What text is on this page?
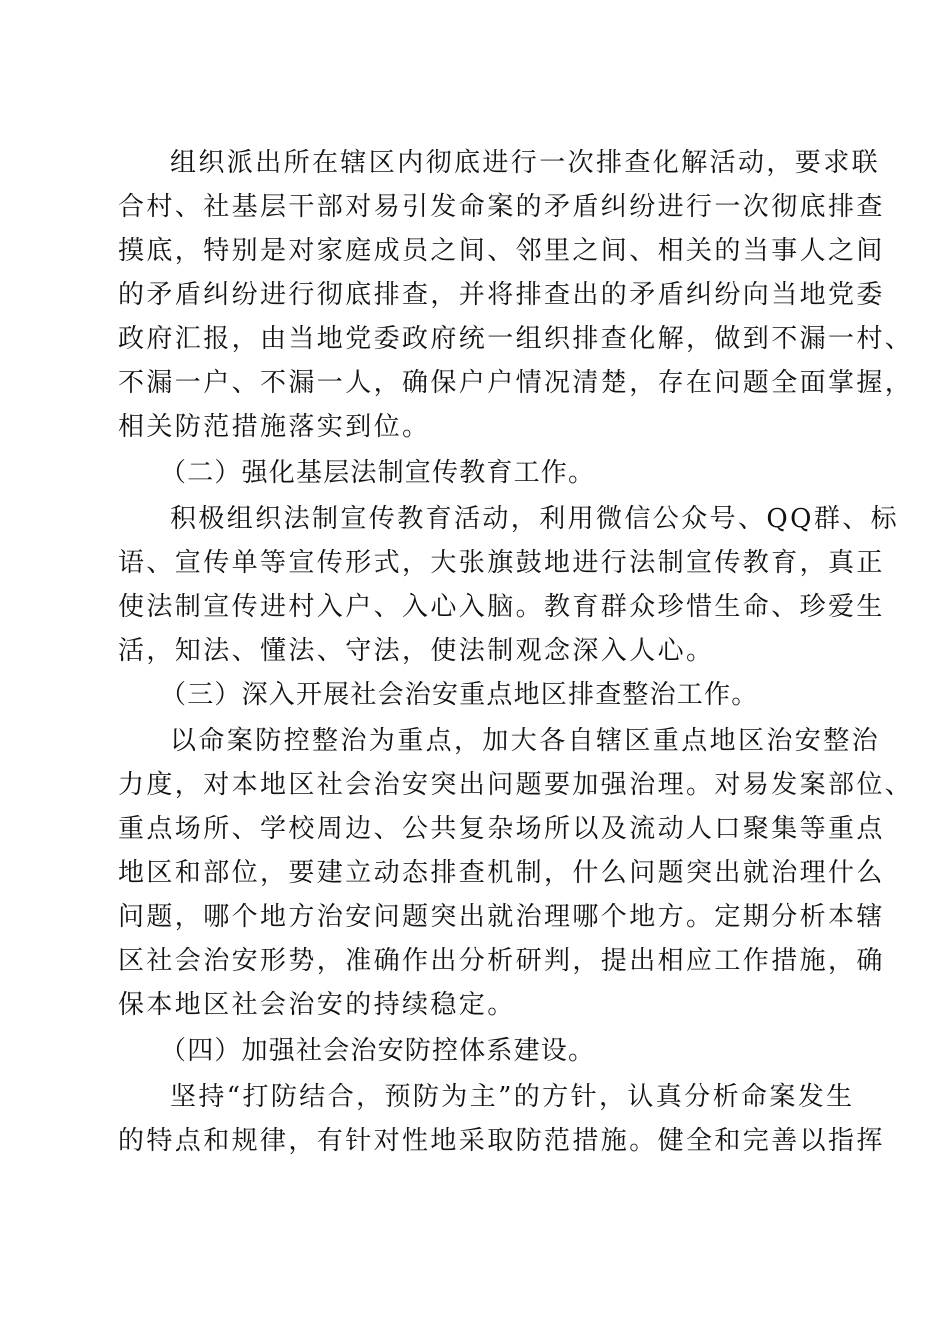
组织派出所在辖区内彻底进行一次排查化解活动，要求联
合村、社基层干部对易引发命案的矛盾纠纷进行一次彻底排查
摸底，特别是对家庭成员之间、邻里之间、相关的当事人之间
的矛盾纠纷进行彻底排查，并将排查出的矛盾纠纷向当地党委
政府汇报，由当地党委政府统一组织排查化解，做到不漏一村、
不漏一户、不漏一人，确保户户情况清楚，存在问题全面掌握，
相关防范措施落实到位。
（二）强化基层法制宣传教育工作。
积极组织法制宣传教育活动，利用微信公众号、QQ群、标
语、宣传单等宣传形式，大张旗鼓地进行法制宣传教育，真正
使法制宣传进村入户、入心入脑。教育群众珍惜生命、珍爱生
活，知法、懂法、守法，使法制观念深入人心。
（三）深入开展社会治安重点地区排查整治工作。
以命案防控整治为重点，加大各自辖区重点地区治安整治
力度，对本地区社会治安突出问题要加强治理。对易发案部位、
重点场所、学校周边、公共复杂场所以及流动人口聚集等重点
地区和部位，要建立动态排查机制，什么问题突出就治理什么
问题，哪个地方治安问题突出就治理哪个地方。定期分析本辖
区社会治安形势，准确作出分析研判，提出相应工作措施，确
保本地区社会治安的持续稳定。
（四）加强社会治安防控体系建设。
坚持“打防结合，预防为主”的方针，认真分析命案发生
的特点和规律，有针对性地采取防范措施。健全和完善以指挥
